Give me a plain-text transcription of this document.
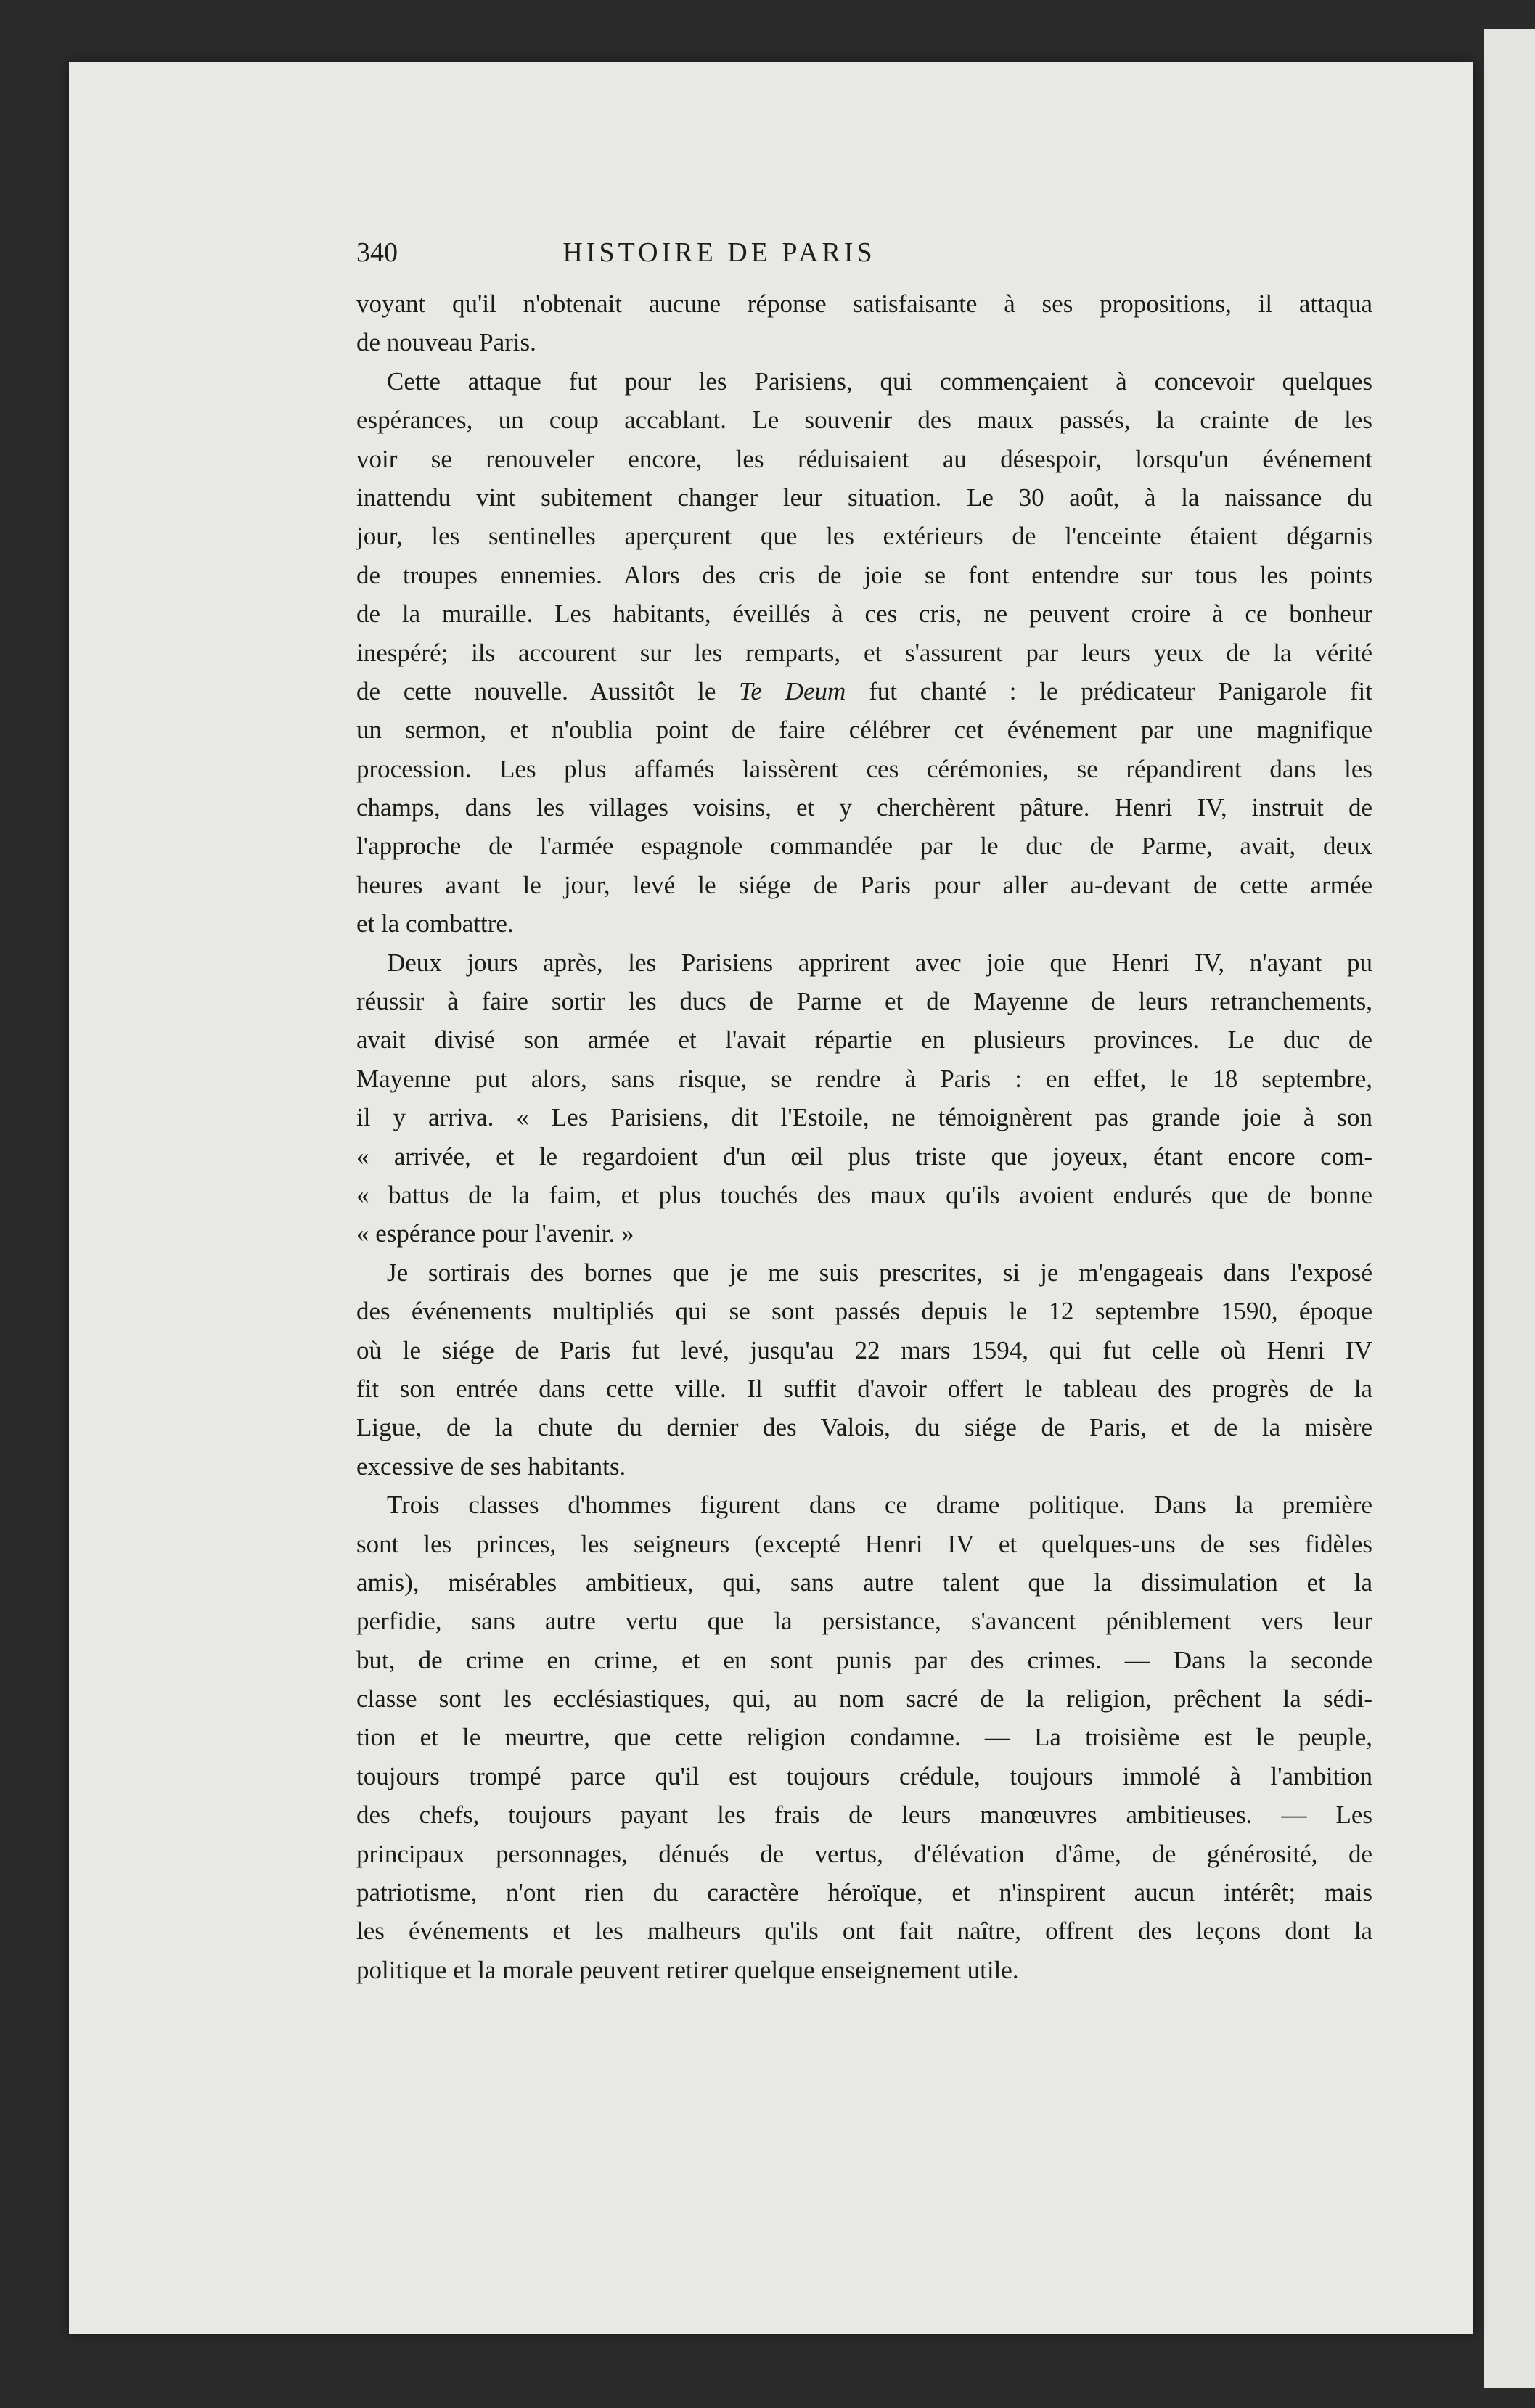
340	HISTOIRE DE PARIS
voyant qu'il n'obtenait aucune réponse satisfaisante à ses propositions, il attaqua
de nouveau Paris.
Cette attaque fut pour les Parisiens, qui commençaient à concevoir quelques
espérances, un coup accablant. Le souvenir des maux passés, la crainte de les
voir se renouveler encore, les réduisaient au désespoir, lorsqu'un événement
inattendu vint subitement changer leur situation. Le 30 août, à la naissance du
jour, les sentinelles aperçurent que les extérieurs de l'enceinte étaient dégarnis
de troupes ennemies. Alors des cris de joie se font entendre sur tous les points
de la muraille. Les habitants, éveillés à ces cris, ne peuvent croire à ce bonheur
inespéré; ils accourent sur les remparts, et s'assurent par leurs yeux de la vérité
de cette nouvelle. Aussitôt le Te Deum fut chanté : le prédicateur Panigarole fit
un sermon, et n'oublia point de faire célébrer cet événement par une magnifique
procession. Les plus affamés laissèrent ces cérémonies, se répandirent dans les
champs, dans les villages voisins, et y cherchèrent pâture. Henri IV, instruit de
l'approche de l'armée espagnole commandée par le duc de Parme, avait, deux
heures avant le jour, levé le siége de Paris pour aller au-devant de cette armée
et la combattre.
Deux jours après, les Parisiens apprirent avec joie que Henri IV, n'ayant pu
réussir à faire sortir les ducs de Parme et de Mayenne de leurs retranchements,
avait divisé son armée et l'avait répartie en plusieurs provinces. Le duc de
Mayenne put alors, sans risque, se rendre à Paris : en effet, le 18 septembre,
il y arriva. « Les Parisiens, dit l'Estoile, ne témoignèrent pas grande joie à son
« arrivée, et le regardoient d'un œil plus triste que joyeux, étant encore com-
« battus de la faim, et plus touchés des maux qu'ils avoient endurés que de bonne
« espérance pour l'avenir. »
Je sortirais des bornes que je me suis prescrites, si je m'engageais dans l'exposé
des événements multipliés qui se sont passés depuis le 12 septembre 1590, époque
où le siége de Paris fut levé, jusqu'au 22 mars 1594, qui fut celle où Henri IV
fit son entrée dans cette ville. Il suffit d'avoir offert le tableau des progrès de la
Ligue, de la chute du dernier des Valois, du siége de Paris, et de la misère
excessive de ses habitants.
Trois classes d'hommes figurent dans ce drame politique. Dans la première
sont les princes, les seigneurs (excepté Henri IV et quelques-uns de ses fidèles
amis), misérables ambitieux, qui, sans autre talent que la dissimulation et la
perfidie, sans autre vertu que la persistance, s'avancent péniblement vers leur
but, de crime en crime, et en sont punis par des crimes. — Dans la seconde
classe sont les ecclésiastiques, qui, au nom sacré de la religion, prêchent la sédi-
tion et le meurtre, que cette religion condamne. — La troisième est le peuple,
toujours trompé parce qu'il est toujours crédule, toujours immolé à l'ambition
des chefs, toujours payant les frais de leurs manœuvres ambitieuses. — Les
principaux personnages, dénués de vertus, d'élévation d'âme, de générosité, de
patriotisme, n'ont rien du caractère héroïque, et n'inspirent aucun intérêt; mais
les événements et les malheurs qu'ils ont fait naître, offrent des leçons dont la
politique et la morale peuvent retirer quelque enseignement utile.
